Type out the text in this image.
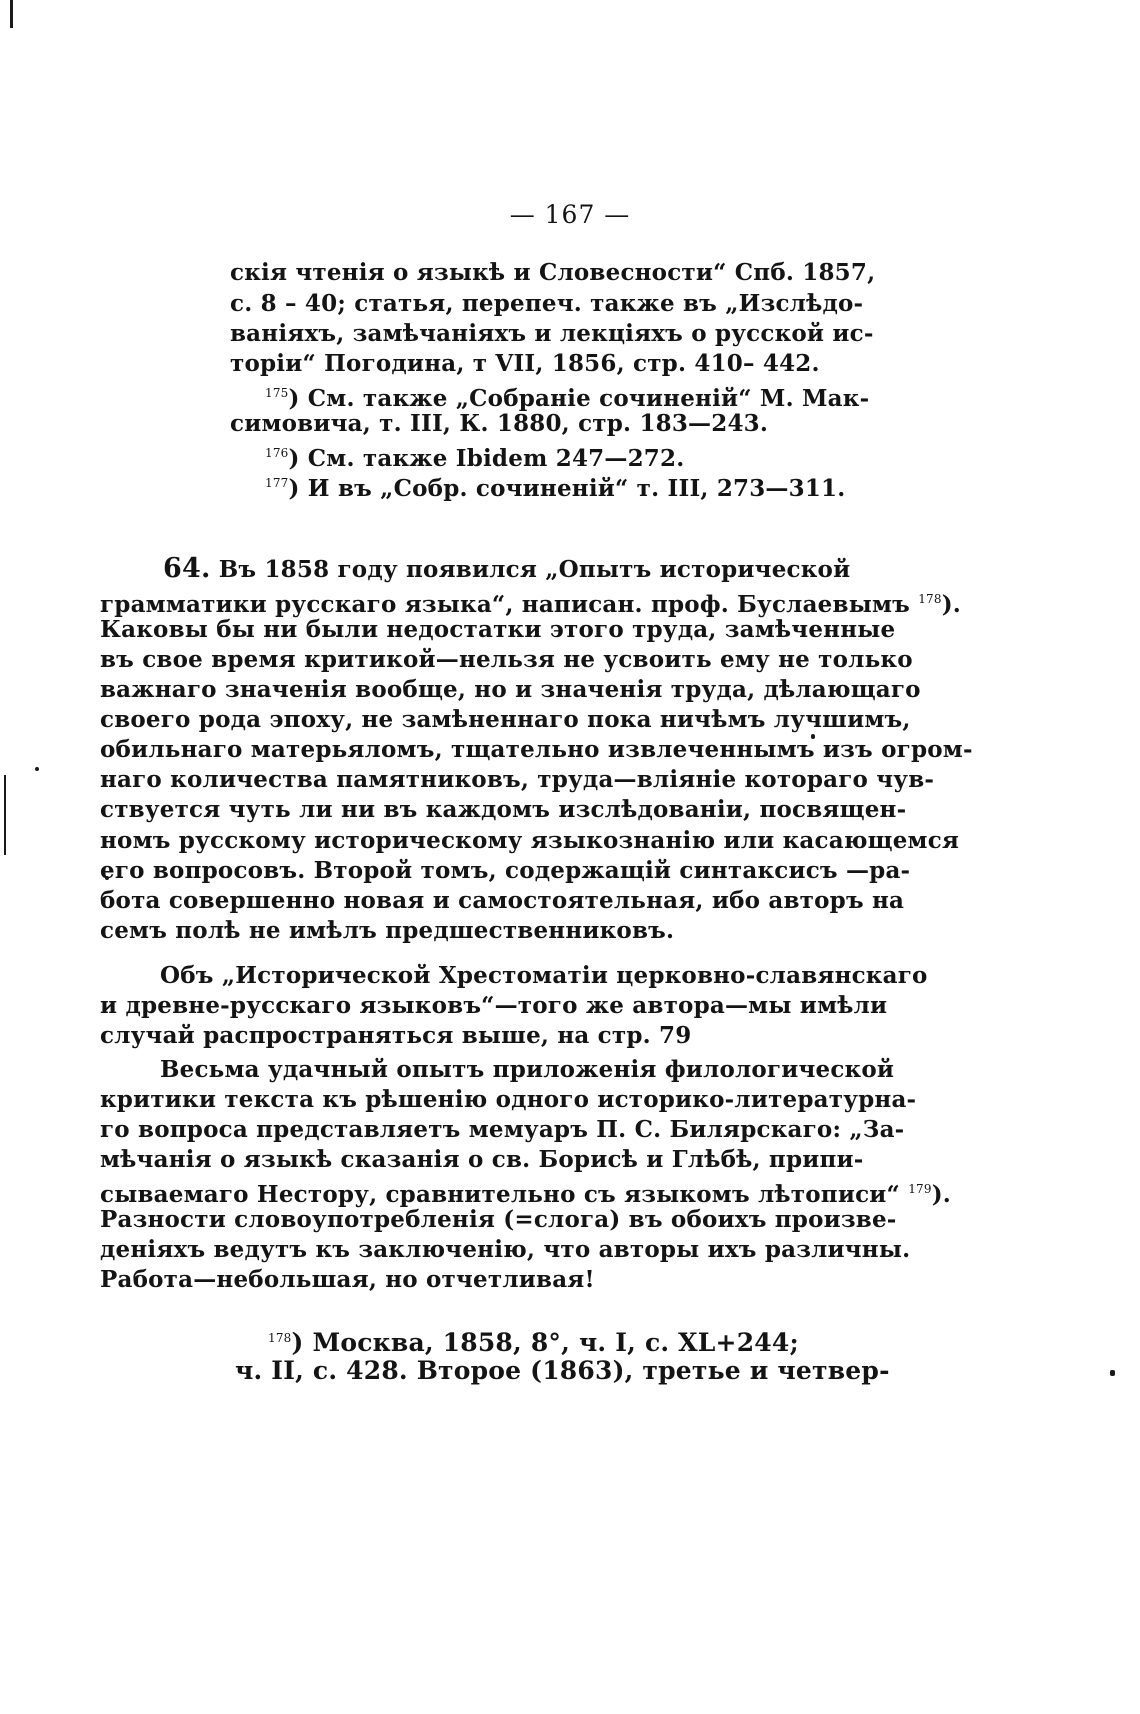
— 167 —
скія чтенія о языкѣ и Словесности“ Спб. 1857,
с. 8 – 40; статья, перепеч. также въ „Изслѣдо-
ваніяхъ, замѣчаніяхъ и лекціяхъ о русской ис-
торіи“ Погодина, т VII, 1856, стр. 410– 442.
$^{175}$) См. также „Собраніе сочиненій“ М. Мак-
симовича, т. III, К. 1880, стр. 183—243.
$^{176}$) См. также Ibidem 247—272.
$^{177}$) И въ „Собр. сочиненій“ т. III, 273—311.
64. Въ 1858 году появился „Опытъ исторической
грамматики русскаго языка“, написан. проф. Буслаевымъ $^{178}$).
Каковы бы ни были недостатки этого труда, замѣченные
въ свое время критикой—нельзя не усвоить ему не только
важнаго значенія вообще, но и значенія труда, дѣлающаго
своего рода эпоху, не замѣненнаго пока ничѣмъ лучшимъ,
обильнаго матерьяломъ, тщательно извлеченнымъ изъ огром-
наго количества памятниковъ, труда—вліяніе котораго чув-
ствуется чуть ли ни въ каждомъ изслѣдованіи, посвящен-
номъ русскому историческому языкознанію или касающемся
его вопросовъ. Второй томъ, содержащій синтаксисъ —ра-
бота совершенно новая и самостоятельная, ибо авторъ на
семъ полѣ не имѣлъ предшественниковъ.
Объ „Исторической Хрестоматіи церковно-славянскаго
и древне-русскаго языковъ“—того же автора—мы имѣли
случай распространяться выше, на стр. 79
Весьма удачный опытъ приложенія филологической
критики текста къ рѣшенію одного историко-литературна-
го вопроса представляетъ мемуаръ П. С. Билярскаго: „За-
мѣчанія о языкѣ сказанія о св. Борисѣ и Глѣбѣ, припи-
сываемаго Нестору, сравнительно съ языкомъ лѣтописи“ $^{179}$).
Разности словоупотребленія (=слога) въ обоихъ произве-
деніяхъ ведутъ къ заключенію, что авторы ихъ различны.
Работа—небольшая, но отчетливая!
$^{178}$) Москва, 1858, 8°, ч. I, с. XL+244;
ч. II, с. 428. Второе (1863), третье и четвер-
